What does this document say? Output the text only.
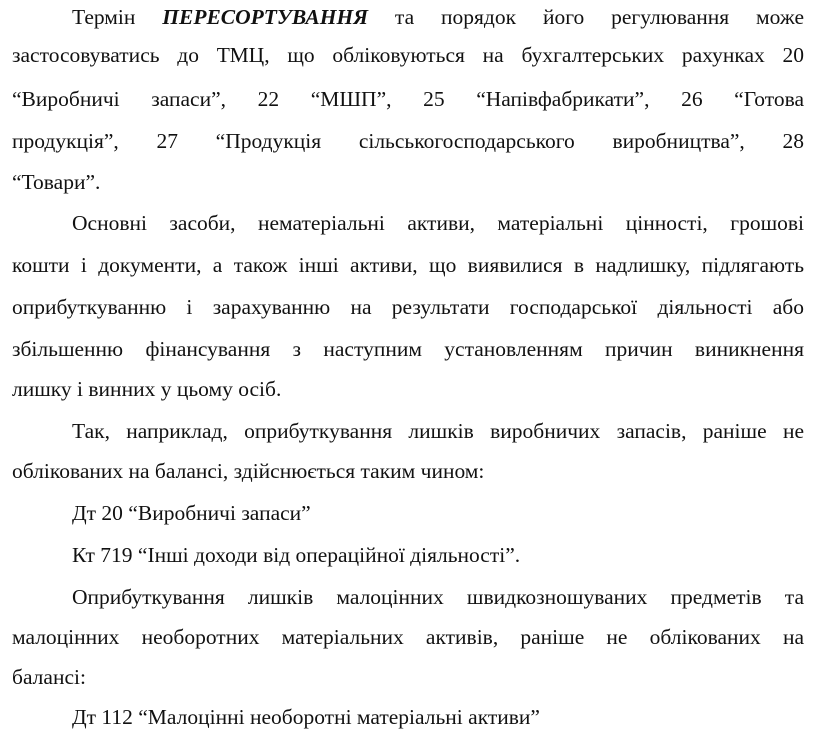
Термін ПЕРЕСОРТУВАННЯ та порядок його регулювання може
застосовуватись до ТМЦ, що обліковуються на бухгалтерських рахунках 20
“Виробничі запаси”, 22 “МШП”, 25 “Напівфабрикати”, 26 “Готова
продукція”, 27 “Продукція сільськогосподарського виробництва”, 28
“Товари”.
Основні засоби, нематеріальні активи, матеріальні цінності, грошові
кошти і документи, а також інші активи, що виявилися в надлишку, підлягають
оприбуткуванню і зарахуванню на результати господарської діяльності або
збільшенню фінансування з наступним установленням причин виникнення
лишку і винних у цьому осіб.
Так, наприклад, оприбуткування лишків виробничих запасів, раніше не
облікованих на балансі, здійснюється таким чином:
Дт 20 “Виробничі запаси”
Кт 719 “Інші доходи від операційної діяльності”.
Оприбуткування лишків малоцінних швидкозношуваних предметів та
малоцінних необоротних матеріальних активів, раніше не облікованих на
балансі:
Дт 112 “Малоцінні необоротні матеріальні активи”
